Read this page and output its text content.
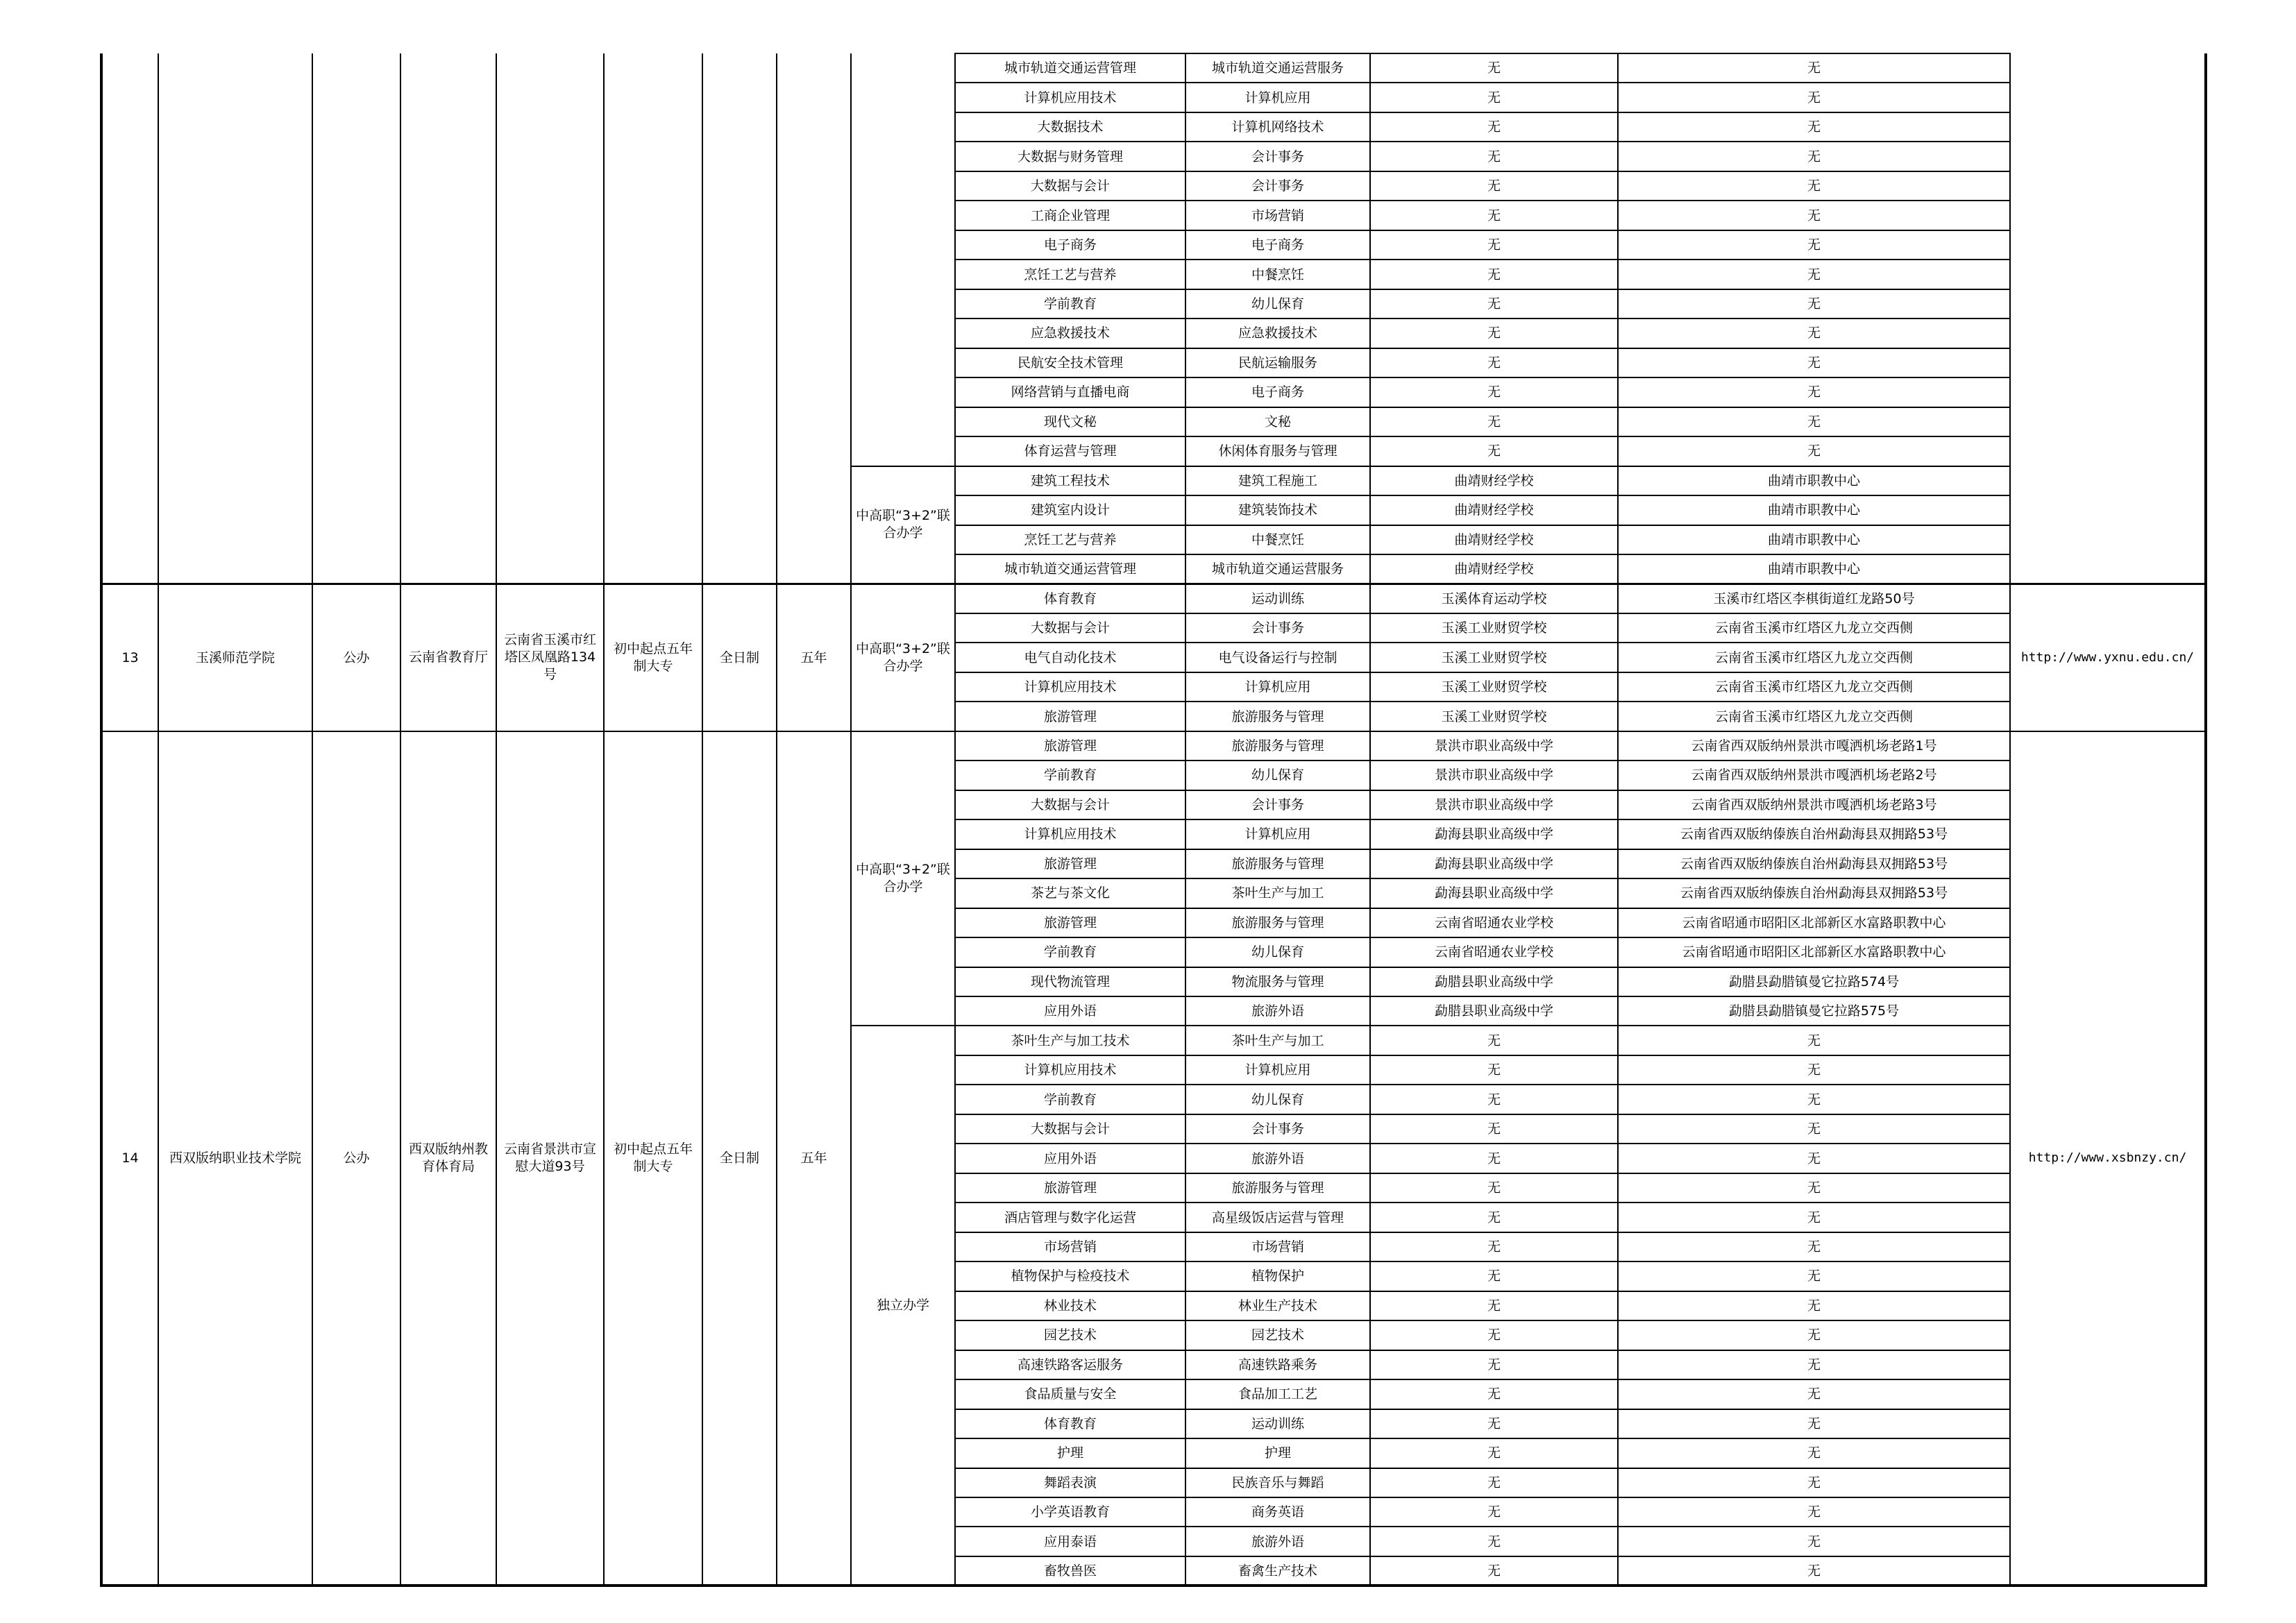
									城市轨道交通运营管理	城市轨道交通运营服务	无	无	
									计算机应用技术	计算机应用	无	无	
									大数据技术	计算机网络技术	无	无	
									大数据与财务管理	会计事务	无	无	
									大数据与会计	会计事务	无	无	
									工商企业管理	市场营销	无	无	
									电子商务	电子商务	无	无	
									烹饪工艺与营养	中餐烹饪	无	无	
									学前教育	幼儿保育	无	无	
									应急救援技术	应急救援技术	无	无	
									民航安全技术管理	民航运输服务	无	无	
									网络营销与直播电商	电子商务	无	无	
									现代文秘	文秘	无	无	
									体育运营与管理	休闲体育服务与管理	无	无	
								中高职“3+2”联合办学	建筑工程技术	建筑工程施工	曲靖财经学校	曲靖市职教中心	
									建筑室内设计	建筑装饰技术	曲靖财经学校	曲靖市职教中心	
									烹饪工艺与营养	中餐烹饪	曲靖财经学校	曲靖市职教中心	
									城市轨道交通运营管理	城市轨道交通运营服务	曲靖财经学校	曲靖市职教中心	
13	玉溪师范学院	公办	云南省教育厅	云南省玉溪市红塔区凤凰路134号	初中起点五年制大专	全日制	五年	中高职“3+2”联合办学	体育教育	运动训练	玉溪体育运动学校	玉溪市红塔区李棋街道红龙路50号	http://www.yxnu.edu.cn/
									大数据与会计	会计事务	玉溪工业财贸学校	云南省玉溪市红塔区九龙立交西侧	
									电气自动化技术	电气设备运行与控制	玉溪工业财贸学校	云南省玉溪市红塔区九龙立交西侧	
									计算机应用技术	计算机应用	玉溪工业财贸学校	云南省玉溪市红塔区九龙立交西侧	
									旅游管理	旅游服务与管理	玉溪工业财贸学校	云南省玉溪市红塔区九龙立交西侧	
14	西双版纳职业技术学院	公办	西双版纳州教育体育局	云南省景洪市宣慰大道93号	初中起点五年制大专	全日制	五年	中高职“3+2”联合办学	旅游管理	旅游服务与管理	景洪市职业高级中学	云南省西双版纳州景洪市嘎洒机场老路1号	http://www.xsbnzy.cn/
									学前教育	幼儿保育	景洪市职业高级中学	云南省西双版纳州景洪市嘎洒机场老路2号	
									大数据与会计	会计事务	景洪市职业高级中学	云南省西双版纳州景洪市嘎洒机场老路3号	
									计算机应用技术	计算机应用	勐海县职业高级中学	云南省西双版纳傣族自治州勐海县双拥路53号	
									旅游管理	旅游服务与管理	勐海县职业高级中学	云南省西双版纳傣族自治州勐海县双拥路53号	
									茶艺与茶文化	茶叶生产与加工	勐海县职业高级中学	云南省西双版纳傣族自治州勐海县双拥路53号	
									旅游管理	旅游服务与管理	云南省昭通农业学校	云南省昭通市昭阳区北部新区水富路职教中心	
									学前教育	幼儿保育	云南省昭通农业学校	云南省昭通市昭阳区北部新区水富路职教中心	
									现代物流管理	物流服务与管理	勐腊县职业高级中学	勐腊县勐腊镇曼它拉路574号	
									应用外语	旅游外语	勐腊县职业高级中学	勐腊县勐腊镇曼它拉路575号	
								独立办学	茶叶生产与加工技术	茶叶生产与加工	无	无	
									计算机应用技术	计算机应用	无	无	
									学前教育	幼儿保育	无	无	
									大数据与会计	会计事务	无	无	
									应用外语	旅游外语	无	无	
									旅游管理	旅游服务与管理	无	无	
									酒店管理与数字化运营	高星级饭店运营与管理	无	无	
									市场营销	市场营销	无	无	
									植物保护与检疫技术	植物保护	无	无	
									林业技术	林业生产技术	无	无	
									园艺技术	园艺技术	无	无	
									高速铁路客运服务	高速铁路乘务	无	无	
									食品质量与安全	食品加工工艺	无	无	
									体育教育	运动训练	无	无	
									护理	护理	无	无	
									舞蹈表演	民族音乐与舞蹈	无	无	
									小学英语教育	商务英语	无	无	
									应用泰语	旅游外语	无	无	
									畜牧兽医	畜禽生产技术	无	无	
